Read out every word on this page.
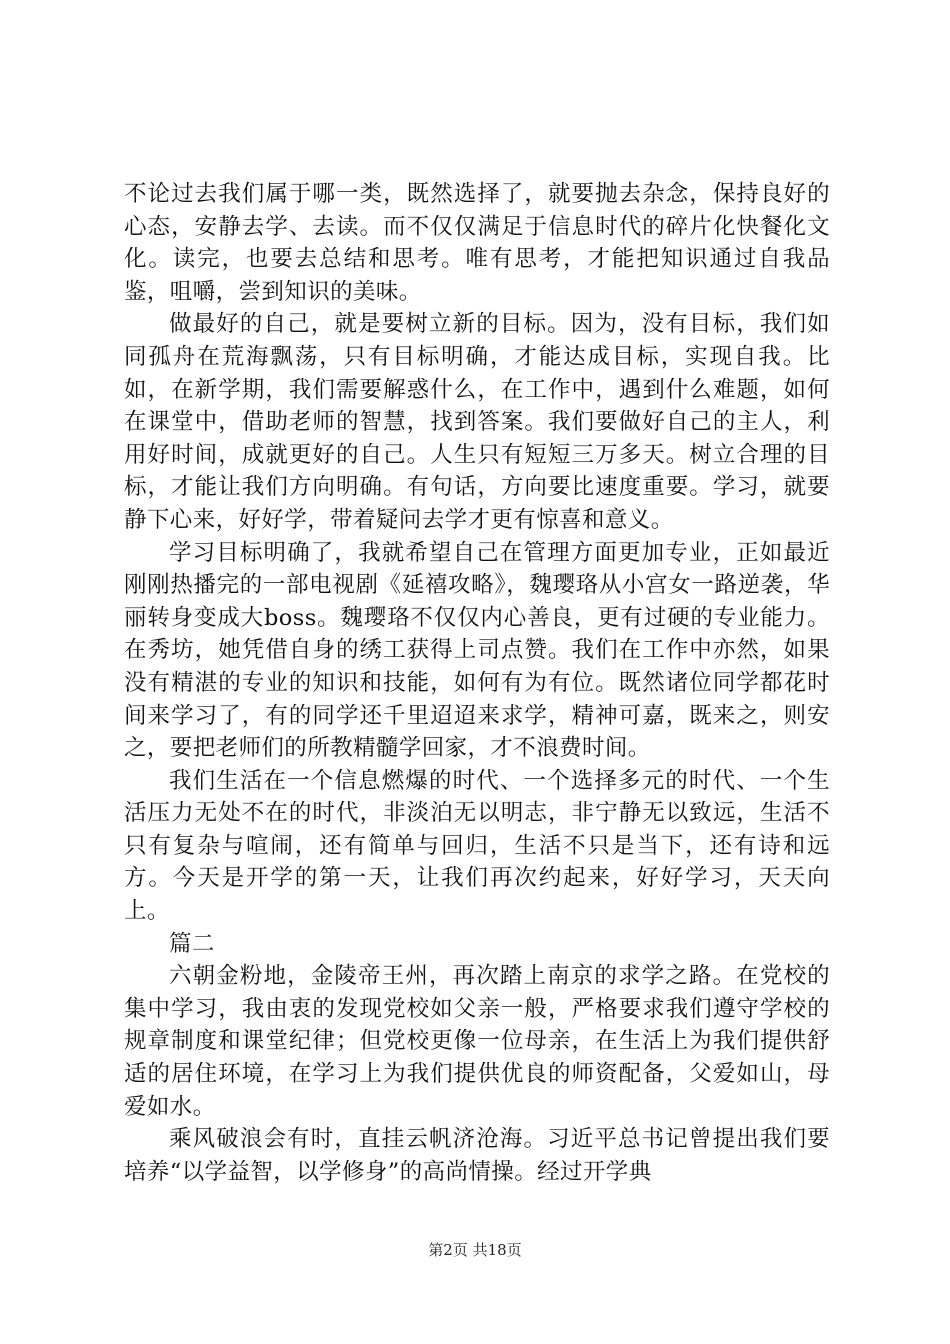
不论过去我们属于哪一类，既然选择了，就要抛去杂念，保持良好的心态，安静去学、去读。而不仅仅满足于信息时代的碎片化快餐化文化。读完，也要去总结和思考。唯有思考，才能把知识通过自我品鉴，咀嚼，尝到知识的美味。

做最好的自己，就是要树立新的目标。因为，没有目标，我们如同孤舟在荒海飘荡，只有目标明确，才能达成目标，实现自我。比如，在新学期，我们需要解惑什么，在工作中，遇到什么难题，如何在课堂中，借助老师的智慧，找到答案。我们要做好自己的主人，利用好时间，成就更好的自己。人生只有短短三万多天。树立合理的目标，才能让我们方向明确。有句话，方向要比速度重要。学习，就要静下心来，好好学，带着疑问去学才更有惊喜和意义。

学习目标明确了，我就希望自己在管理方面更加专业，正如最近刚刚热播完的一部电视剧《延禧攻略》，魏璎珞从小宫女一路逆袭，华丽转身变成大boss。魏璎珞不仅仅内心善良，更有过硬的专业能力。在秀坊，她凭借自身的绣工获得上司点赞。我们在工作中亦然，如果没有精湛的专业的知识和技能，如何有为有位。既然诸位同学都花时间来学习了，有的同学还千里迢迢来求学，精神可嘉，既来之，则安之，要把老师们的所教精髓学回家，才不浪费时间。

我们生活在一个信息燃爆的时代、一个选择多元的时代、一个生活压力无处不在的时代，非淡泊无以明志，非宁静无以致远，生活不只有复杂与喧闹，还有简单与回归，生活不只是当下，还有诗和远方。今天是开学的第一天，让我们再次约起来，好好学习，天天向上。

篇二

六朝金粉地，金陵帝王州，再次踏上南京的求学之路。在党校的集中学习，我由衷的发现党校如父亲一般，严格要求我们遵守学校的规章制度和课堂纪律；但党校更像一位母亲，在生活上为我们提供舒适的居住环境，在学习上为我们提供优良的师资配备，父爱如山，母爱如水。

乘风破浪会有时，直挂云帆济沧海。习近平总书记曾提出我们要培养“以学益智，以学修身”的高尚情操。经过开学典

第2页 共18页
